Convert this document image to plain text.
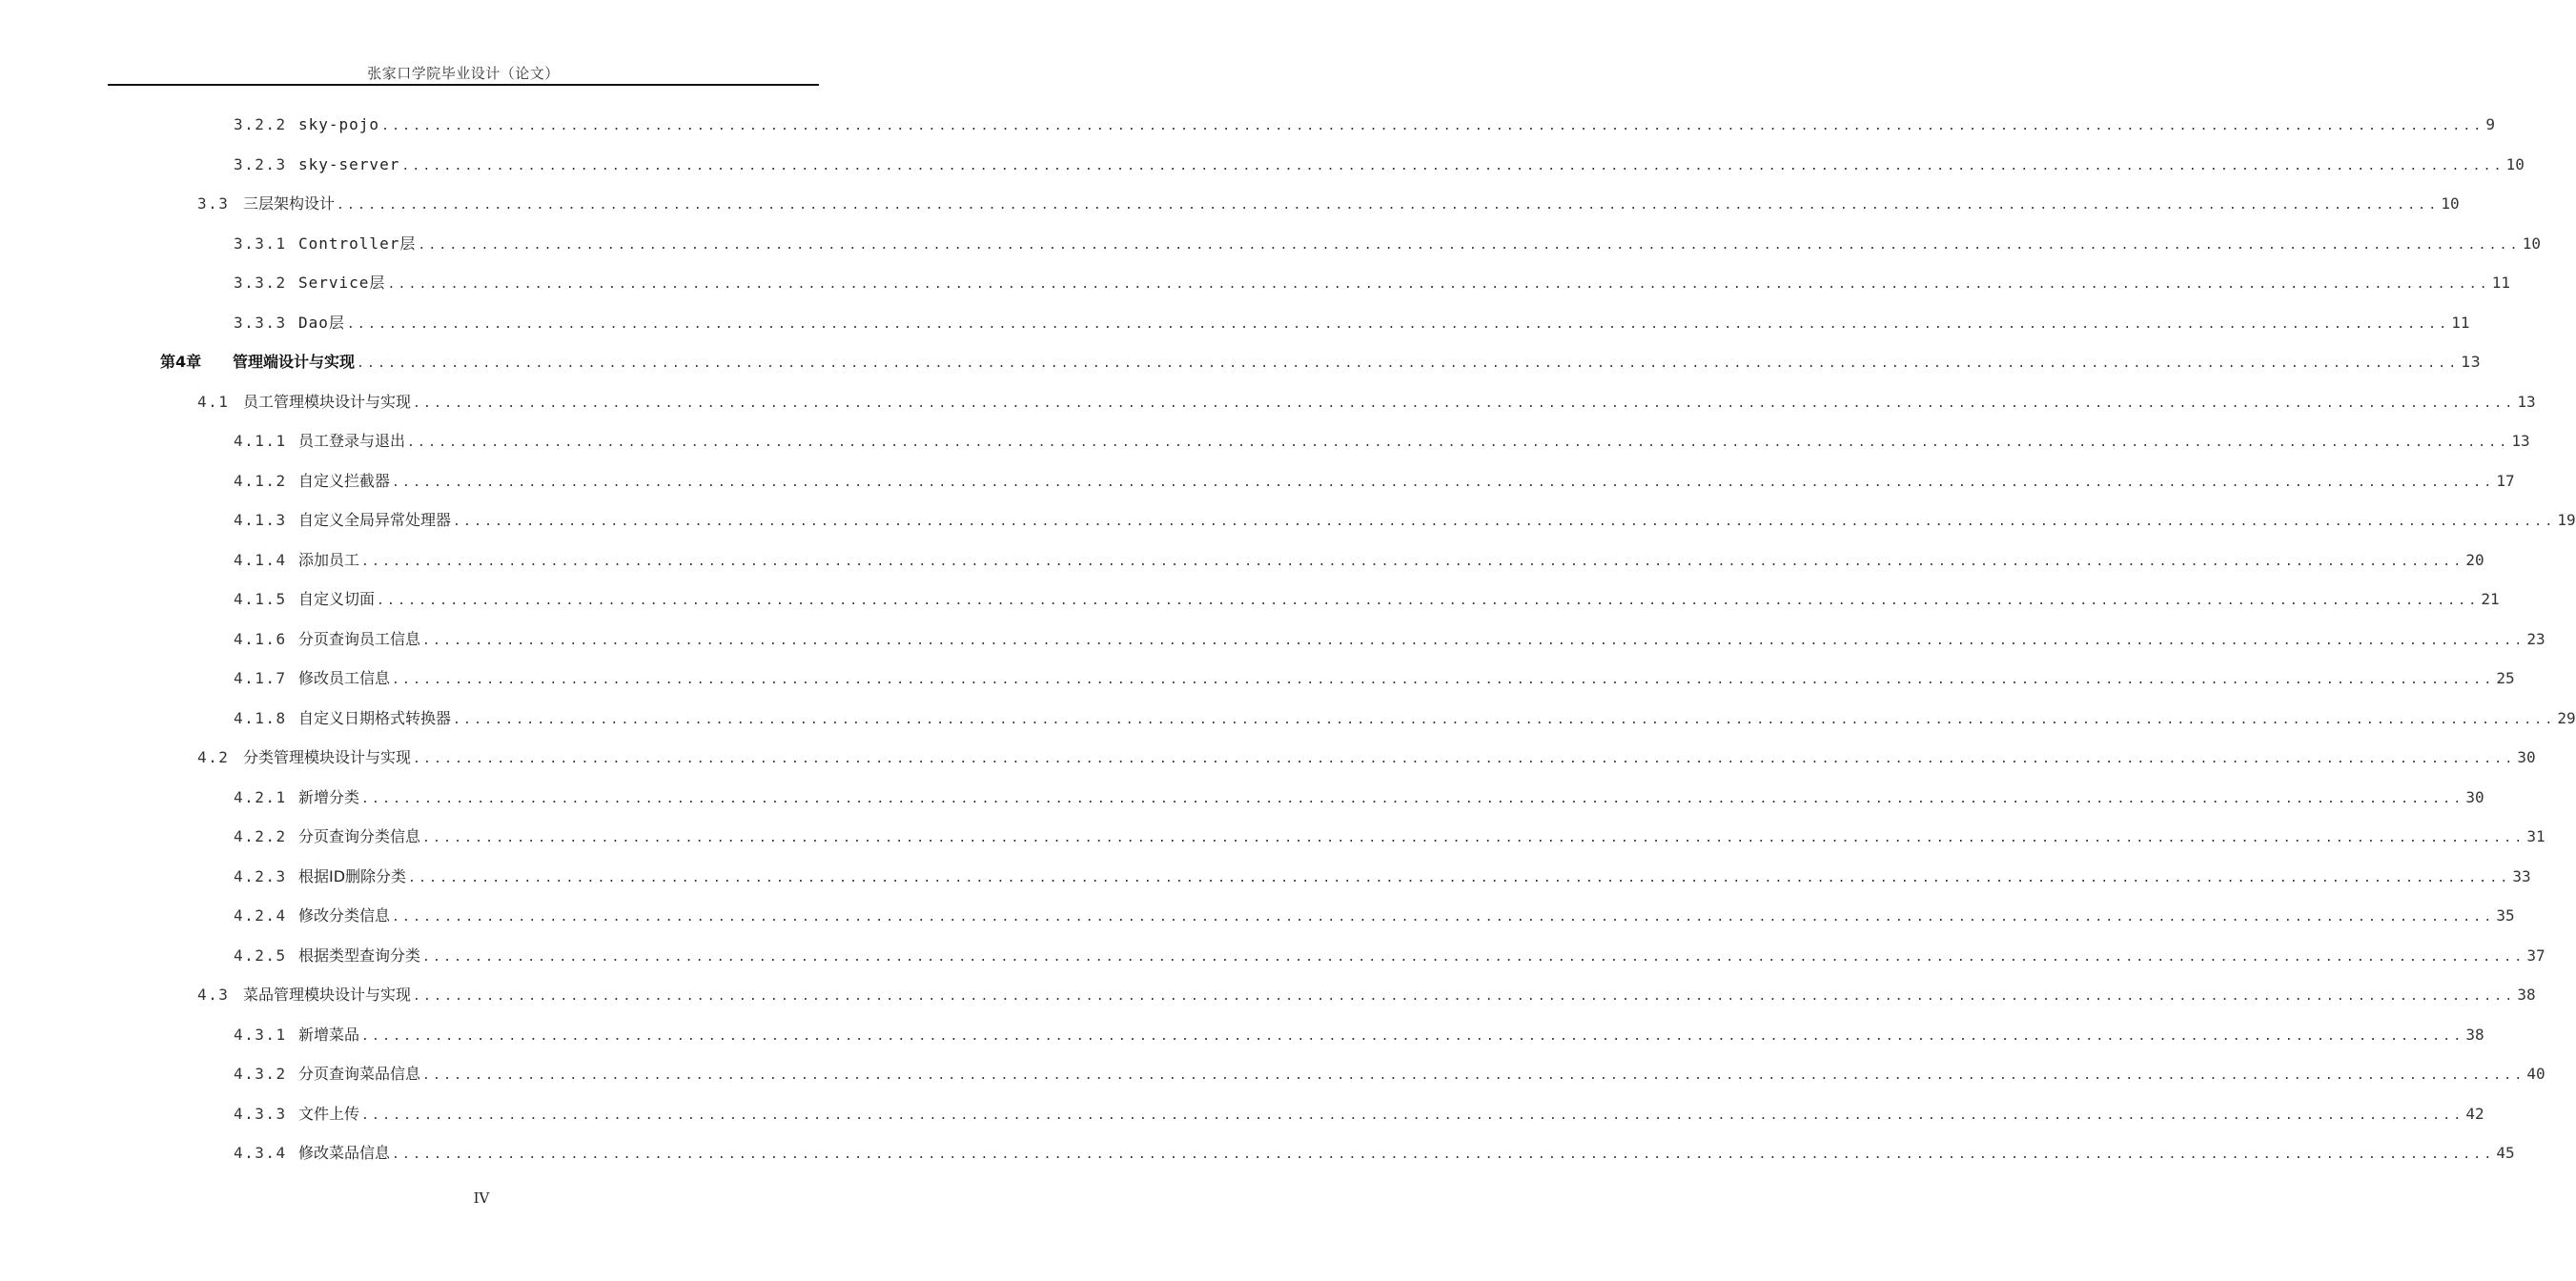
张家口学院毕业设计（论文）
3.2.2 sky-pojo ........................................................................................................................................................................................................ 9
3.2.3 sky-server ........................................................................................................................................................................................................ 10
3.3 三层架构设计 ........................................................................................................................................................................................................ 10
3.3.1 Controller层 ........................................................................................................................................................................................................ 10
3.3.2 Service层 ........................................................................................................................................................................................................ 11
3.3.3 Dao层 ........................................................................................................................................................................................................ 11
第4章	管理端设计与实现 ........................................................................................................................................................................................................ 13
4.1 员工管理模块设计与实现 ........................................................................................................................................................................................................ 13
4.1.1 员工登录与退出 ........................................................................................................................................................................................................ 13
4.1.2 自定义拦截器 ........................................................................................................................................................................................................ 17
4.1.3 自定义全局异常处理器 ........................................................................................................................................................................................................ 19
4.1.4 添加员工 ........................................................................................................................................................................................................ 20
4.1.5 自定义切面 ........................................................................................................................................................................................................ 21
4.1.6 分页查询员工信息 ........................................................................................................................................................................................................ 23
4.1.7 修改员工信息 ........................................................................................................................................................................................................ 25
4.1.8 自定义日期格式转换器 ........................................................................................................................................................................................................ 29
4.2 分类管理模块设计与实现 ........................................................................................................................................................................................................ 30
4.2.1 新增分类 ........................................................................................................................................................................................................ 30
4.2.2 分页查询分类信息 ........................................................................................................................................................................................................ 31
4.2.3 根据ID删除分类 ........................................................................................................................................................................................................ 33
4.2.4 修改分类信息 ........................................................................................................................................................................................................ 35
4.2.5 根据类型查询分类 ........................................................................................................................................................................................................ 37
4.3 菜品管理模块设计与实现 ........................................................................................................................................................................................................ 38
4.3.1 新增菜品 ........................................................................................................................................................................................................ 38
4.3.2 分页查询菜品信息 ........................................................................................................................................................................................................ 40
4.3.3 文件上传 ........................................................................................................................................................................................................ 42
4.3.4 修改菜品信息 ........................................................................................................................................................................................................ 45
IV
